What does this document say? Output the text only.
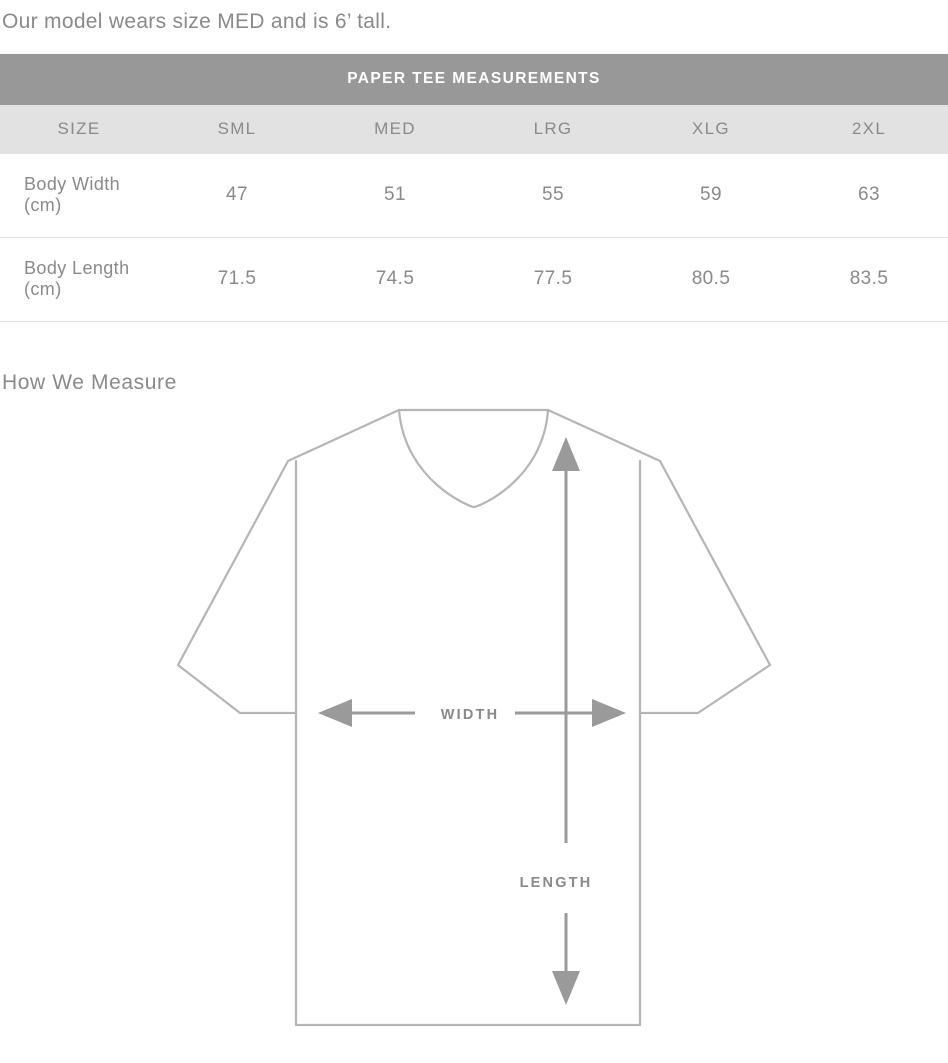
Our model wears size MED and is 6’ tall.
PAPER TEE MEASUREMENTS					
SIZE	SML	MED	LRG	XLG	2XL
Body Width (cm)	47	51	55	59	63
Body Length (cm)	71.5	74.5	77.5	80.5	83.5
How We Measure
WIDTH
LENGTH
